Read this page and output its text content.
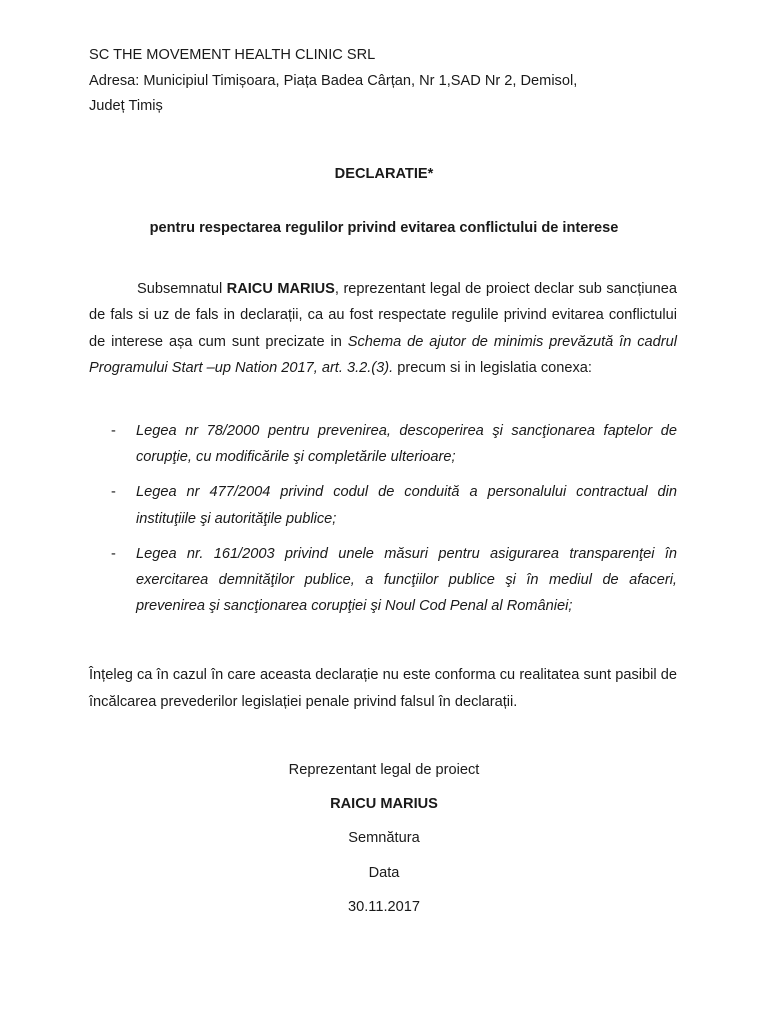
SC THE MOVEMENT HEALTH CLINIC SRL
Adresa: Municipiul Timișoara, Piața Badea Cârțan, Nr 1,SAD Nr 2, Demisol,
Județ Timiș
DECLARATIE*
pentru respectarea regulilor privind evitarea conflictului de interese
Subsemnatul RAICU MARIUS, reprezentant legal de proiect declar sub sancțiunea de fals si uz de fals in declarații, ca au fost respectate regulile privind evitarea conflictului de interese așa cum sunt precizate in Schema de ajutor de minimis prevăzută în cadrul Programului Start –up Nation 2017, art. 3.2.(3). precum si in legislatia conexa:
- Legea nr 78/2000 pentru prevenirea, descoperirea şi sancţionarea faptelor de corupţie, cu modificările şi completările ulterioare;
- Legea nr 477/2004 privind codul de conduită a personalului contractual din instituţiile şi autorităţile publice;
- Legea nr. 161/2003 privind unele măsuri pentru asigurarea transparenţei în exercitarea demnităţilor publice, a funcţiilor publice şi în mediul de afaceri, prevenirea şi sancţionarea corupţiei şi Noul Cod Penal al României;
Înțeleg ca în cazul în care aceasta declarație nu este conforma cu realitatea sunt pasibil de încălcarea prevederilor legislației penale privind falsul în declarații.
Reprezentant legal de proiect
RAICU MARIUS
Semnătura
Data
30.11.2017
